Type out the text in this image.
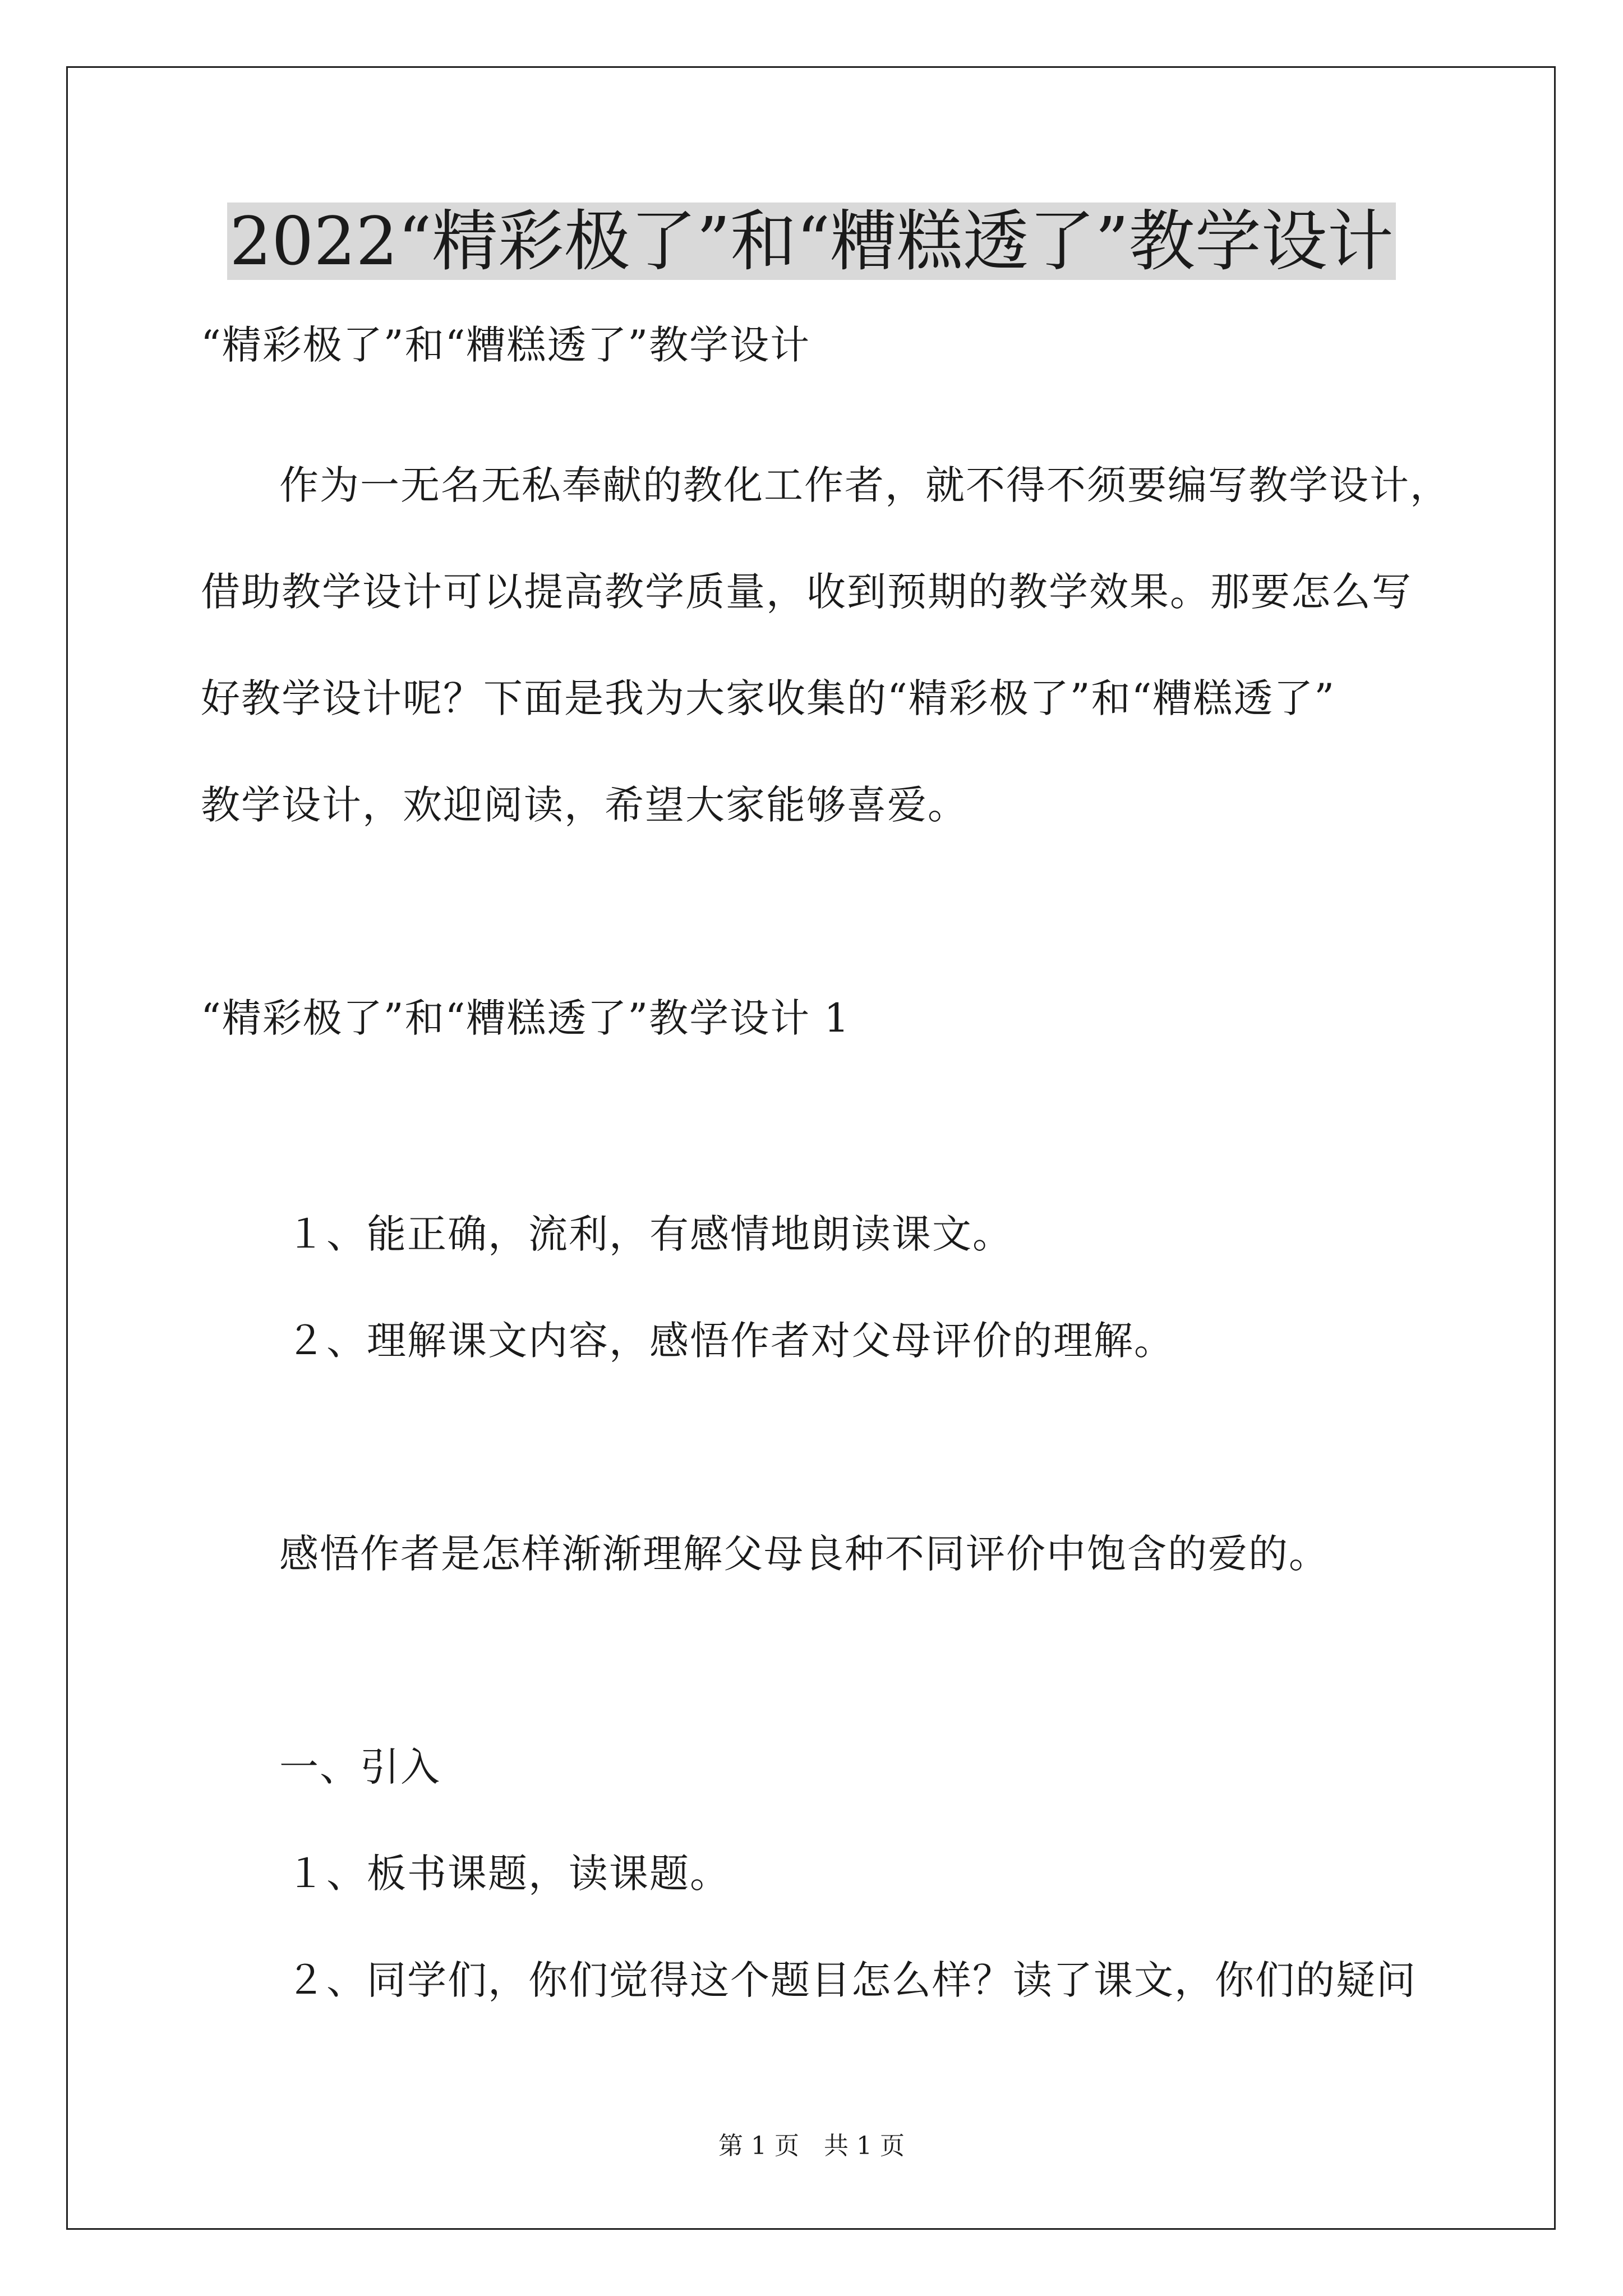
2022“精彩极了”和“糟糕透了”教学设计
“精彩极了”和“糟糕透了”教学设计
作为一无名无私奉献的教化工作者，就不得不须要编写教学设计，
借助教学设计可以提高教学质量，收到预期的教学效果。那要怎么写
好教学设计呢？下面是我为大家收集的“精彩极了”和“糟糕透了”
教学设计，欢迎阅读，希望大家能够喜爱。
“精彩极了”和“糟糕透了”教学设计 1
１、能正确，流利，有感情地朗读课文。
２、理解课文内容，感悟作者对父母评价的理解。
感悟作者是怎样渐渐理解父母良种不同评价中饱含的爱的。
一、引入
１、板书课题，读课题。
２、同学们，你们觉得这个题目怎么样？读了课文，你们的疑问
第 1 页　共 1 页
